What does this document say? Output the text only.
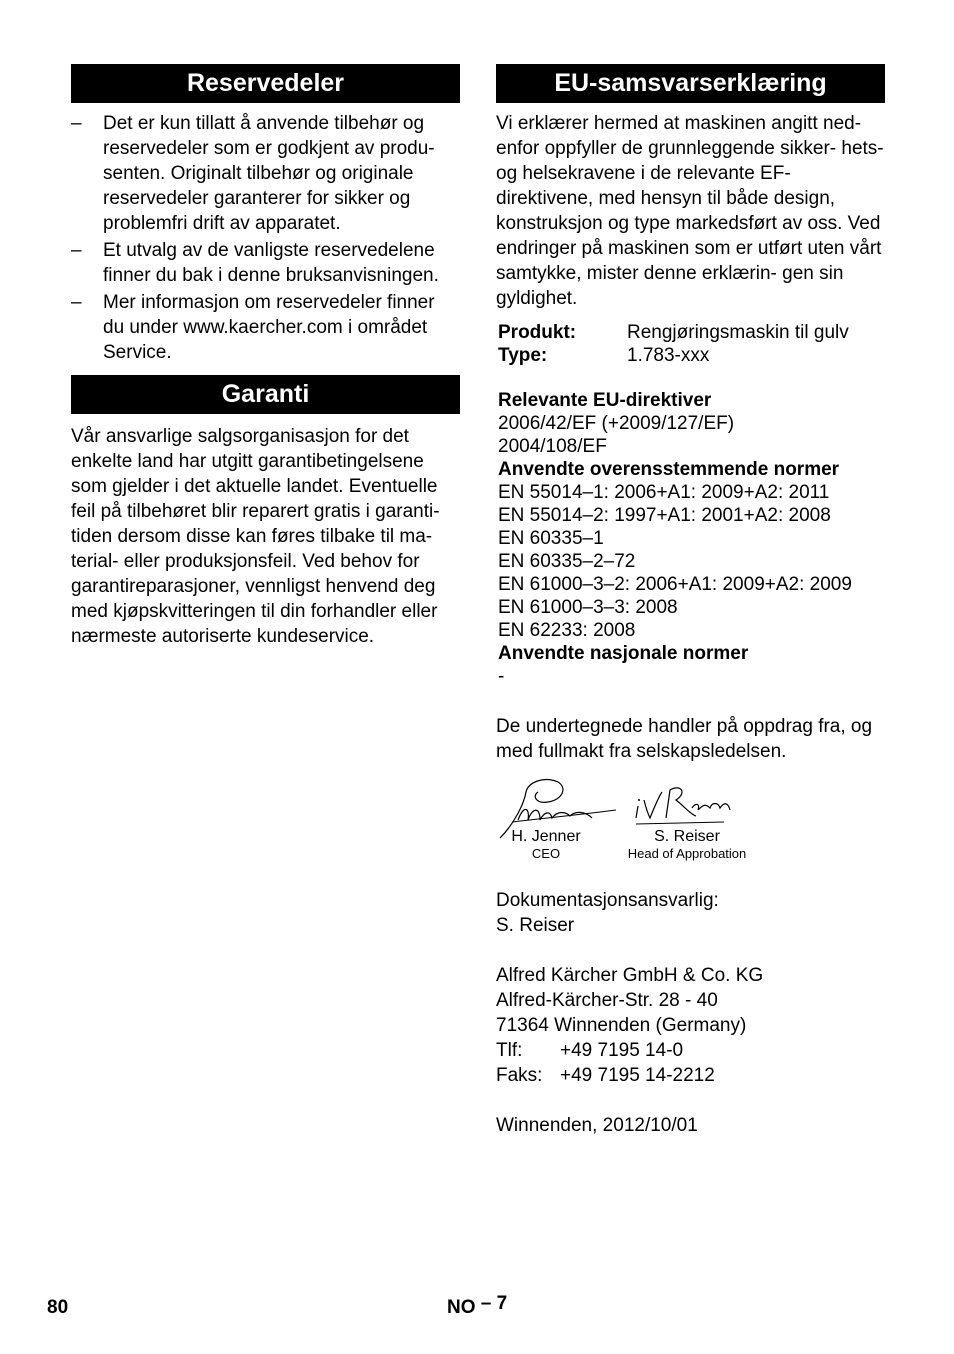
Reservedeler
– Det er kun tillatt å anvende tilbehør og reservedeler som er godkjent av produ- senten. Originalt tilbehør og originale reservedeler garanterer for sikker og problemfri drift av apparatet.
– Et utvalg av de vanligste reservedelene finner du bak i denne bruksanvisningen.
– Mer informasjon om reservedeler finner du under www.kaercher.com i området Service.
Garanti

Vår ansvarlige salgsorganisasjon for det enkelte land har utgitt garantibetingelsene som gjelder i det aktuelle landet. Eventuelle feil på tilbehøret blir reparert gratis i garanti- tiden dersom disse kan føres tilbake til ma- terial- eller produksjonsfeil. Ved behov for garantireparasjoner, vennligst henvend deg med kjøpskvitteringen til din forhandler eller nærmeste autoriserte kundeservice.

EU-samsvarserklæring

Vi erklærer hermed at maskinen angitt ned- enfor oppfyller de grunnleggende sikker- hets- og helsekravene i de relevante EF- direktivene, med hensyn til både design, konstruksjon og type markedsført av oss. Ved endringer på maskinen som er utført uten vårt samtykke, mister denne erklærin- gen sin gyldighet.

Produkt:	Rengjøringsmaskin til gulv
Type:	1.783-xxx
Relevante EU-direktiver
2006/42/EF (+2009/127/EF)
2004/108/EF
Anvendte overensstemmende normer
EN 55014–1: 2006+A1: 2009+A2: 2011
EN 55014–2: 1997+A1: 2001+A2: 2008
EN 60335–1
EN 60335–2–72
EN 61000–3–2: 2006+A1: 2009+A2: 2009
EN 61000–3–3: 2008
EN 62233: 2008
Anvendte nasjonale normer
-

De undertegnede handler på oppdrag fra, og med fullmakt fra selskapsledelsen.

H. Jenner
CEO
S. Reiser
Head of Approbation
Dokumentasjonsansvarlig:
S. Reiser
Alfred Kärcher GmbH & Co. KG
Alfred-Kärcher-Str. 28 - 40
71364 Winnenden (Germany)
Tlf:	+49 7195 14-0
Faks: +49 7195 14-2212
Winnenden, 2012/10/01
80	NO – 7
